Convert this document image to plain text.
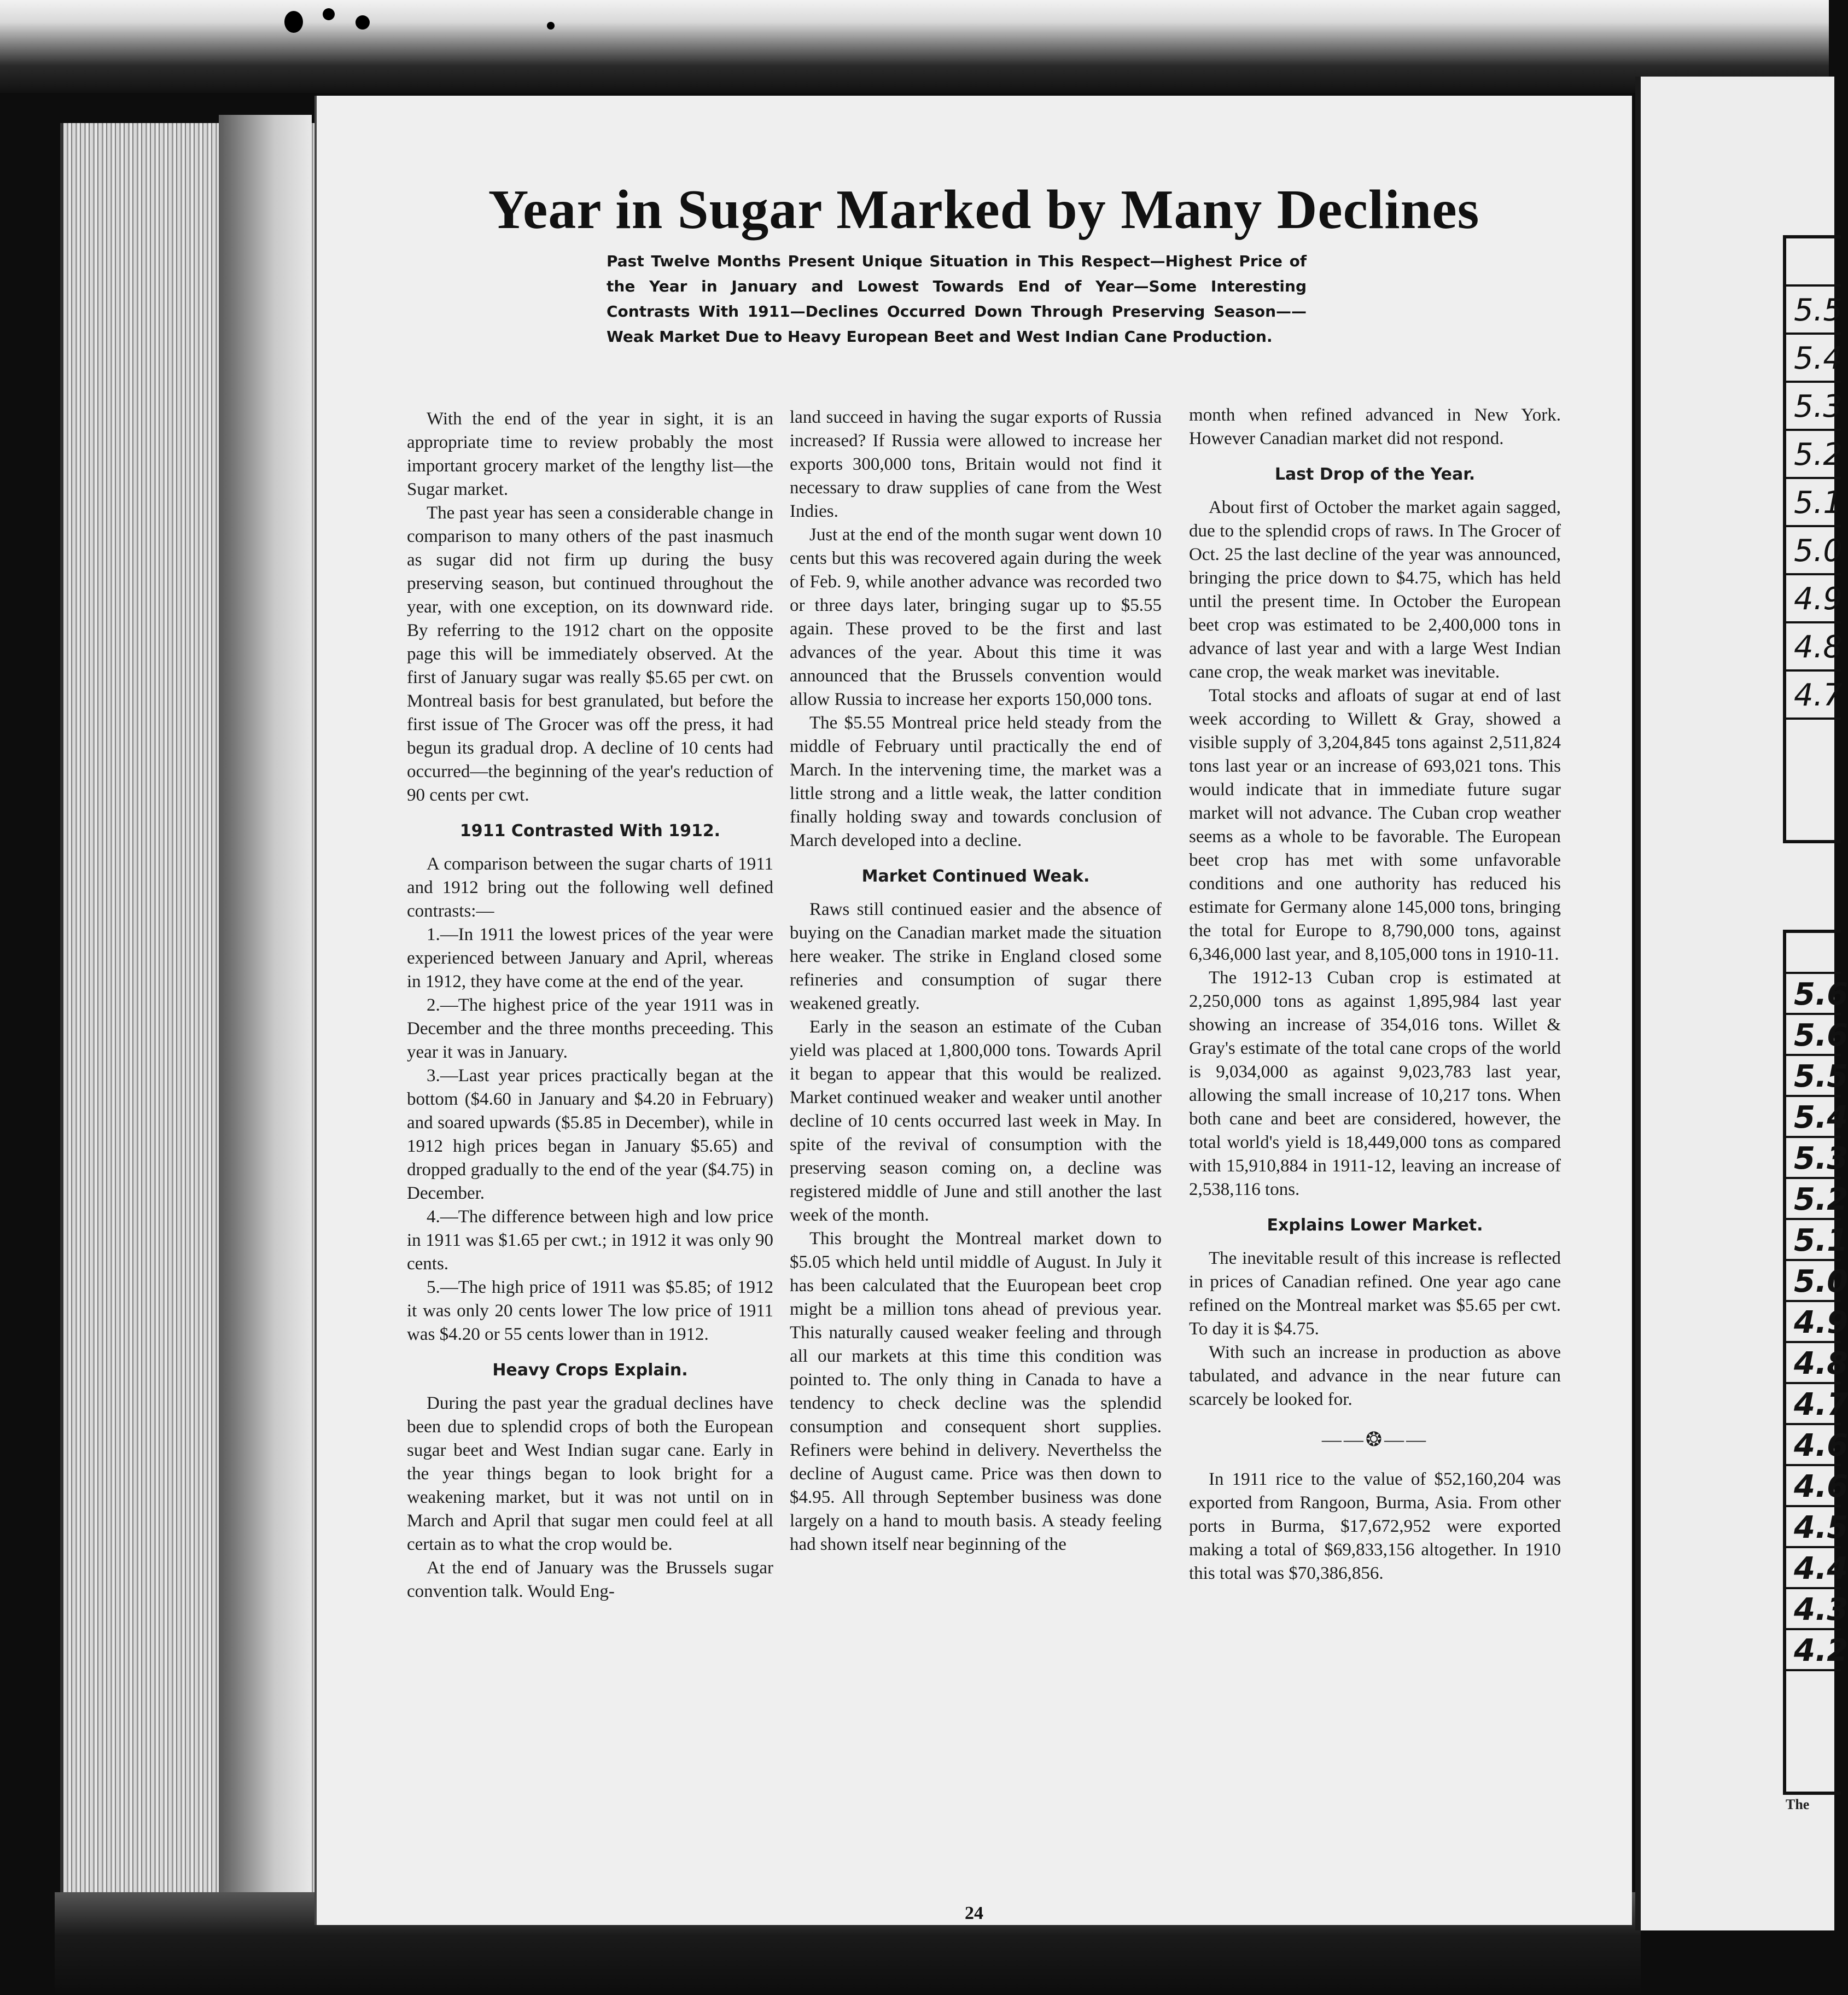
5.5
5.4
5.3
5.2
5.1
5.0
4.9
4.8
4.7
5.6
5.6
5.5
5.4
5.3
5.2
5.1
5.0
4.9
4.8
4.7
4.6
4.6
4.5
4.4
4.3
4.2
The
Year in Sugar Marked by Many Declines
Past Twelve Months Present Unique Situation in This Respect—Highest Price of the Year in January and Lowest Towards End of Year—Some Interesting Contrasts With 1911—Declines Occurred Down Through Preserving Season——Weak Market Due to Heavy European Beet and West Indian Cane Production.

With the end of the year in sight, it is an appropriate time to review probably the most important grocery market of the lengthy list—the Sugar market.

The past year has seen a considerable change in comparison to many others of the past inasmuch as sugar did not firm up during the busy preserving season, but continued throughout the year, with one exception, on its downward ride. By referring to the 1912 chart on the opposite page this will be immediately observed. At the first of January sugar was really $5.65 per cwt. on Montreal basis for best granulated, but before the first issue of The Grocer was off the press, it had begun its gradual drop. A decline of 10 cents had occurred—the beginning of the year's reduction of 90 cents per cwt.

1911 Contrasted With 1912.

A comparison between the sugar charts of 1911 and 1912 bring out the following well defined contrasts:—

1.—In 1911 the lowest prices of the year were experienced between January and April, whereas in 1912, they have come at the end of the year.

2.—The highest price of the year 1911 was in December and the three months preceeding. This year it was in January.

3.—Last year prices practically began at the bottom ($4.60 in January and $4.20 in February) and soared upwards ($5.85 in December), while in 1912 high prices began in January $5.65) and dropped gradually to the end of the year ($4.75) in December.

4.—The difference between high and low price in 1911 was $1.65 per cwt.; in 1912 it was only 90 cents.

5.—The high price of 1911 was $5.85; of 1912 it was only 20 cents lower The low price of 1911 was $4.20 or 55 cents lower than in 1912.

Heavy Crops Explain.

During the past year the gradual declines have been due to splendid crops of both the European sugar beet and West Indian sugar cane. Early in the year things began to look bright for a weakening market, but it was not until on in March and April that sugar men could feel at all certain as to what the crop would be.

At the end of January was the Brussels sugar convention talk. Would Eng-

land succeed in having the sugar exports of Russia increased? If Russia were allowed to increase her exports 300,000 tons, Britain would not find it necessary to draw supplies of cane from the West Indies.

Just at the end of the month sugar went down 10 cents but this was recovered again during the week of Feb. 9, while another advance was recorded two or three days later, bringing sugar up to $5.55 again. These proved to be the first and last advances of the year. About this time it was announced that the Brussels convention would allow Russia to increase her exports 150,000 tons.

The $5.55 Montreal price held steady from the middle of February until practically the end of March. In the intervening time, the market was a little strong and a little weak, the latter condition finally holding sway and towards conclusion of March developed into a decline.

Market Continued Weak.

Raws still continued easier and the absence of buying on the Canadian market made the situation here weaker. The strike in England closed some refineries and consumption of sugar there weakened greatly.

Early in the season an estimate of the Cuban yield was placed at 1,800,000 tons. Towards April it began to appear that this would be realized. Market continued weaker and weaker until another decline of 10 cents occurred last week in May. In spite of the revival of consumption with the preserving season coming on, a decline was registered middle of June and still another the last week of the month.

This brought the Montreal market down to $5.05 which held until middle of August. In July it has been calculated that the Euuropean beet crop might be a million tons ahead of previous year. This naturally caused weaker feeling and through all our markets at this time this condition was pointed to. The only thing in Canada to have a tendency to check decline was the splendid consumption and consequent short supplies. Refiners were behind in delivery. Neverthelss the decline of August came. Price was then down to $4.95. All through September business was done largely on a hand to mouth basis. A steady feeling had shown itself near beginning of the

month when refined advanced in New York. However Canadian market did not respond.

Last Drop of the Year.

About first of October the market again sagged, due to the splendid crops of raws. In The Grocer of Oct. 25 the last decline of the year was announced, bringing the price down to $4.75, which has held until the present time. In October the European beet crop was estimated to be 2,400,000 tons in advance of last year and with a large West Indian cane crop, the weak market was inevitable.

Total stocks and afloats of sugar at end of last week according to Willett & Gray, showed a visible supply of 3,204,845 tons against 2,511,824 tons last year or an increase of 693,021 tons. This would indicate that in immediate future sugar market will not advance. The Cuban crop weather seems as a whole to be favorable. The European beet crop has met with some unfavorable conditions and one authority has reduced his estimate for Germany alone 145,000 tons, bringing the total for Europe to 8,790,000 tons, against 6,346,000 last year, and 8,105,000 tons in 1910-11.

The 1912-13 Cuban crop is estimated at 2,250,000 tons as against 1,895,984 last year showing an increase of 354,016 tons. Willet & Gray's estimate of the total cane crops of the world is 9,034,000 as against 9,023,783 last year, allowing the small increase of 10,217 tons. When both cane and beet are considered, however, the total world's yield is 18,449,000 tons as compared with 15,910,884 in 1911-12, leaving an increase of 2,538,116 tons.

Explains Lower Market.

The inevitable result of this increase is reflected in prices of Canadian refined. One year ago cane refined on the Montreal market was $5.65 per cwt. To day it is $4.75.

With such an increase in production as above tabulated, and advance in the near future can scarcely be looked for.

——❂——

In 1911 rice to the value of $52,160,204 was exported from Rangoon, Burma, Asia. From other ports in Burma, $17,672,952 were exported making a total of $69,833,156 altogether. In 1910 this total was $70,386,856.

24
